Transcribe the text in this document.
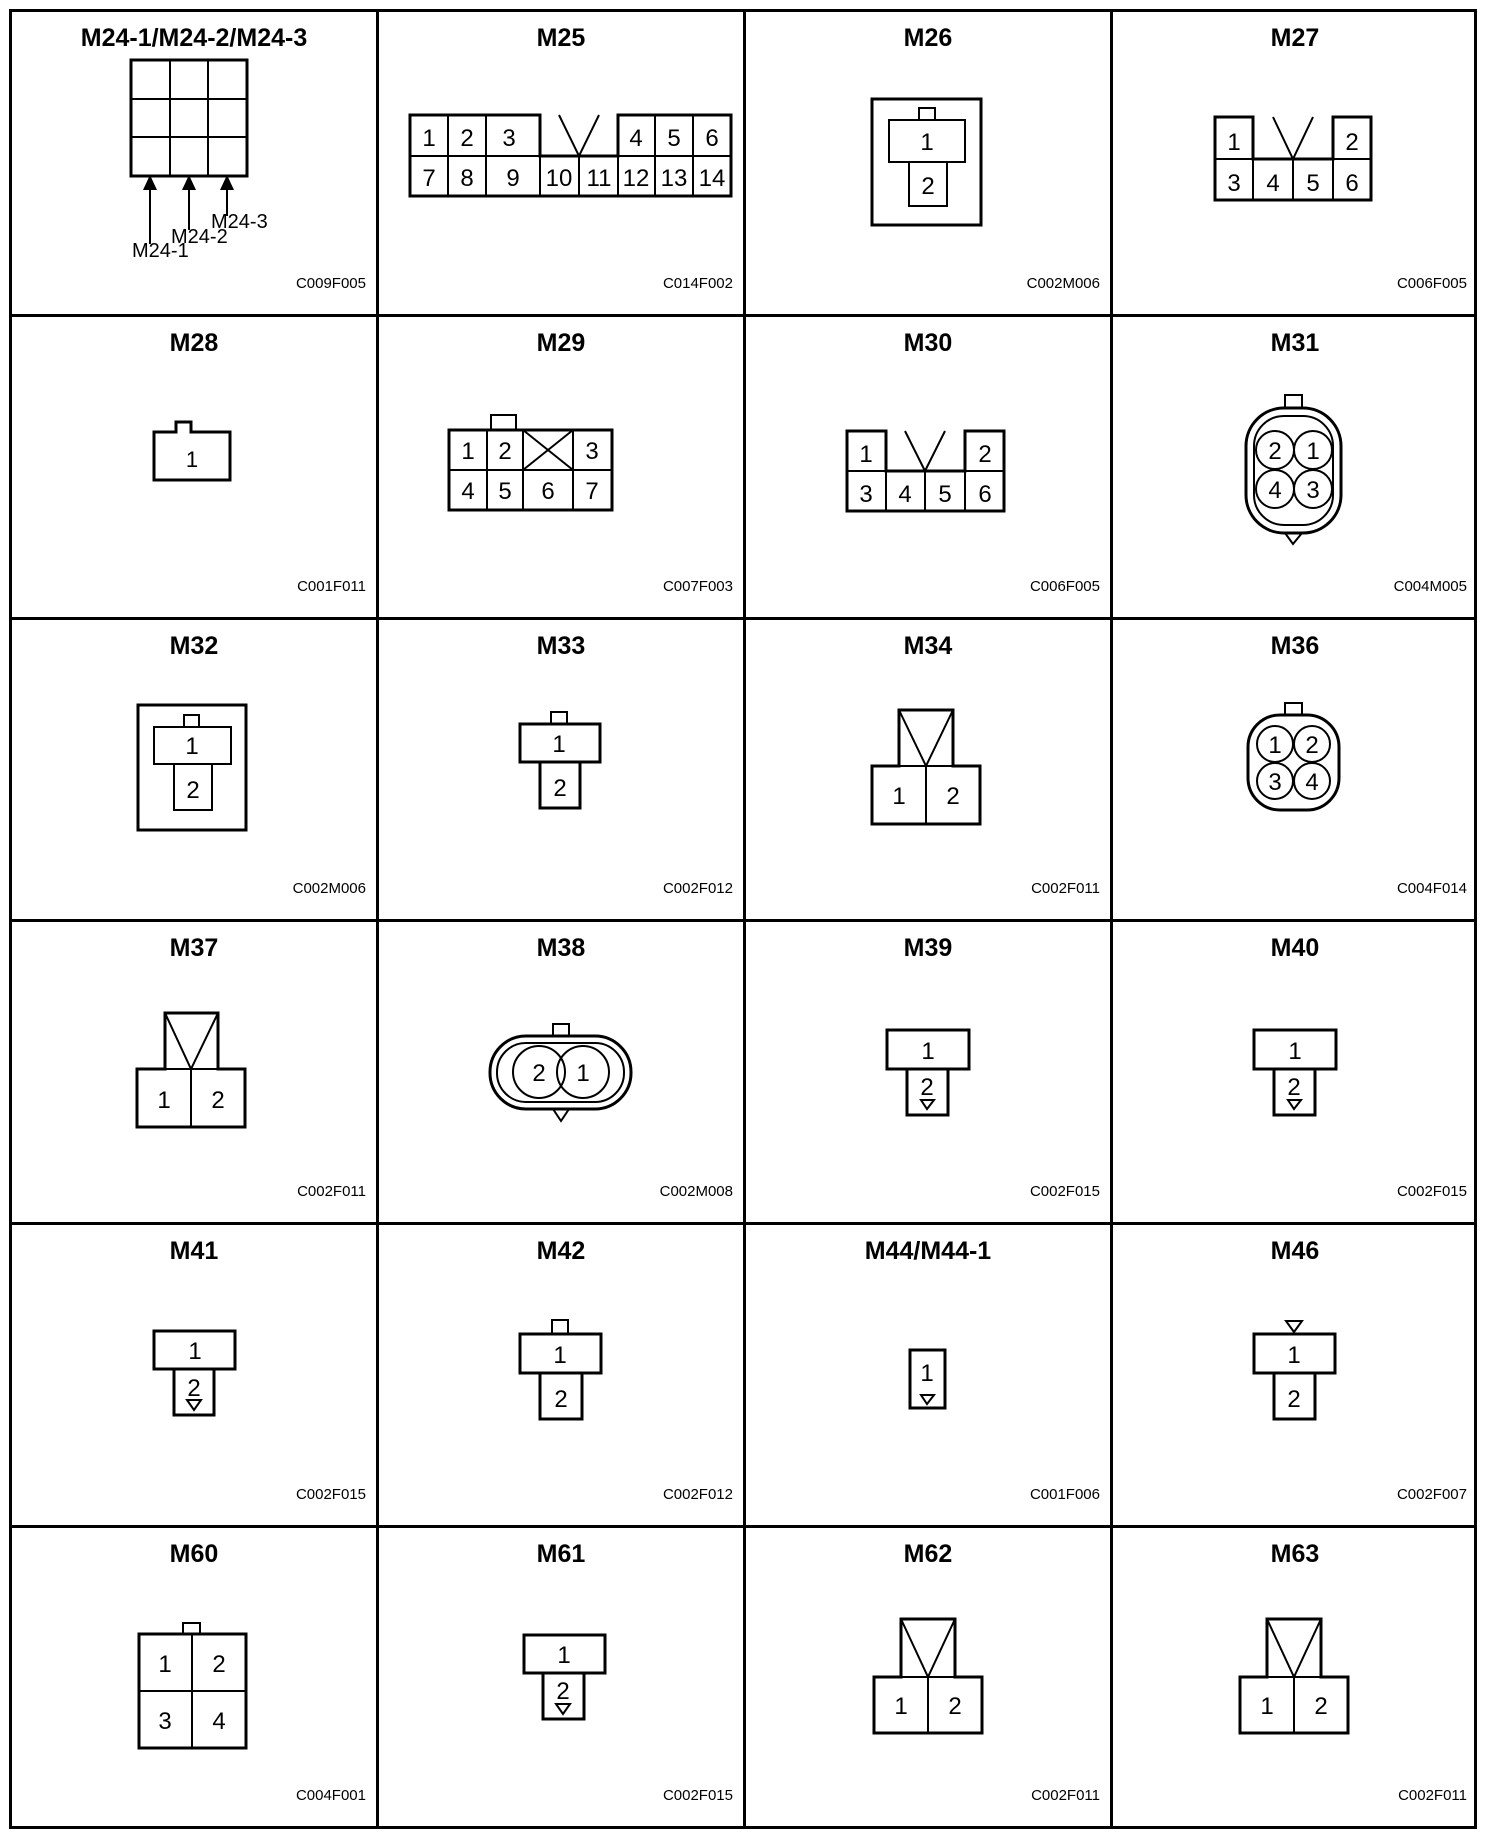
M24-1/M24-2/M24-3
M24-1
M24-2
M24-3
C009F005
M25
1 2 3	4 5 6
7 8 9 10 11 12 13 14
C014F002
M26
1
2
C002M006
M27
1	2
3 4 5 6
C006F005
M28
1
C001F011
M29
1 2	3
4 5 6 7
C007F003
M30
1	2
3 4 5 6
C006F005
M31
2 1
4 3
C004M005
M32
1
2
C002M006
M33
1
2
C002F012
M34
1 2
C002F011
M36
1 2
3 4
C004F014
M37
1 2
C002F011
M38
2 1
C002M008
M39
1
2
C002F015
M40
1
2
C002F015
M41
1
2
C002F015
M42
1
2
C002F012
M44/M44-1
1
C001F006
M46
1
2
C002F007
M60
1 2
3 4
C004F001
M61
1
2
C002F015
M62
1 2
C002F011
M63
1 2
C002F011
